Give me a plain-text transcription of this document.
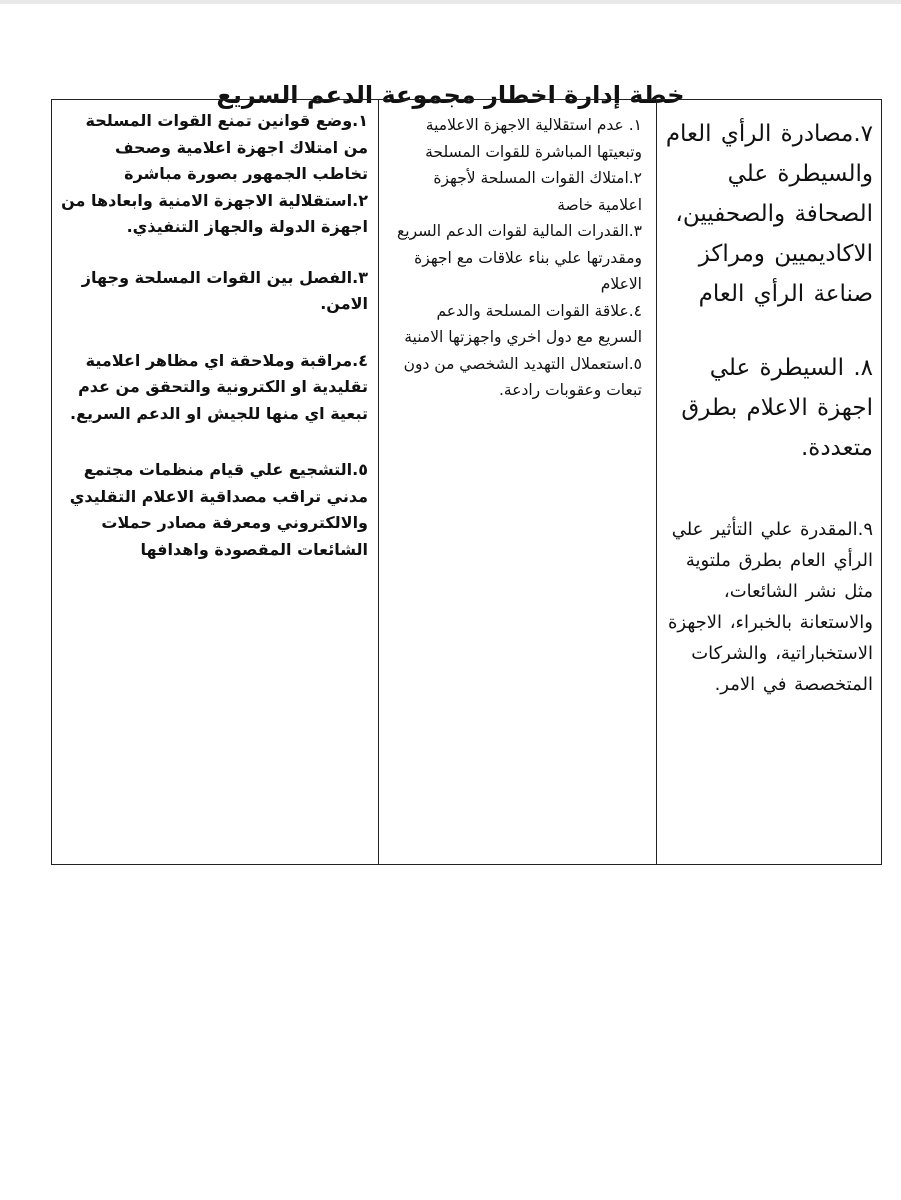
خطة إدارة اخطار مجموعة الدعم السريع

٧.مصادرة الرأي العام والسيطرة علي الصحافة والصحفيين، الاكاديميين ومراكز صناعة الرأي العام

٨. السيطرة علي اجهزة الاعلام بطرق متعددة.

٩.المقدرة علي التأثير علي الرأي العام بطرق ملتوية مثل نشر الشائعات، والاستعانة بالخبراء، الاجهزة الاستخباراتية، والشركات المتخصصة في الامر.

١. عدم استقلالية الاجهزة الاعلامية وتبعيتها المباشرة للقوات المسلحة

٢.امتلاك القوات المسلحة لأجهزة اعلامية خاصة

٣.القدرات المالية لقوات الدعم السريع ومقدرتها علي بناء علاقات مع اجهزة الاعلام

٤.علاقة القوات المسلحة والدعم السريع مع دول اخري واجهزتها الامنية

٥.استعملال التهديد الشخصي من دون تبعات وعقوبات رادعة.

١.وضع قوانين تمنع القوات المسلحة من امتلاك اجهزة اعلامية وصحف تخاطب الجمهور بصورة مباشرة

٢.استقلالية الاجهزة الامنية وابعادها من اجهزة الدولة والجهاز التنفيذي.

٣.الفصل بين القوات المسلحة وجهاز الامن.

٤.مراقبة وملاحقة اي مظاهر اعلامية تقليدية او الكترونية والتحقق من عدم تبعية اي منها للجيش او الدعم السريع.

٥.التشجيع علي قيام منظمات مجتمع مدني تراقب مصداقية الاعلام التقليدي والالكتروني ومعرفة مصادر حملات الشائعات المقصودة واهدافها
